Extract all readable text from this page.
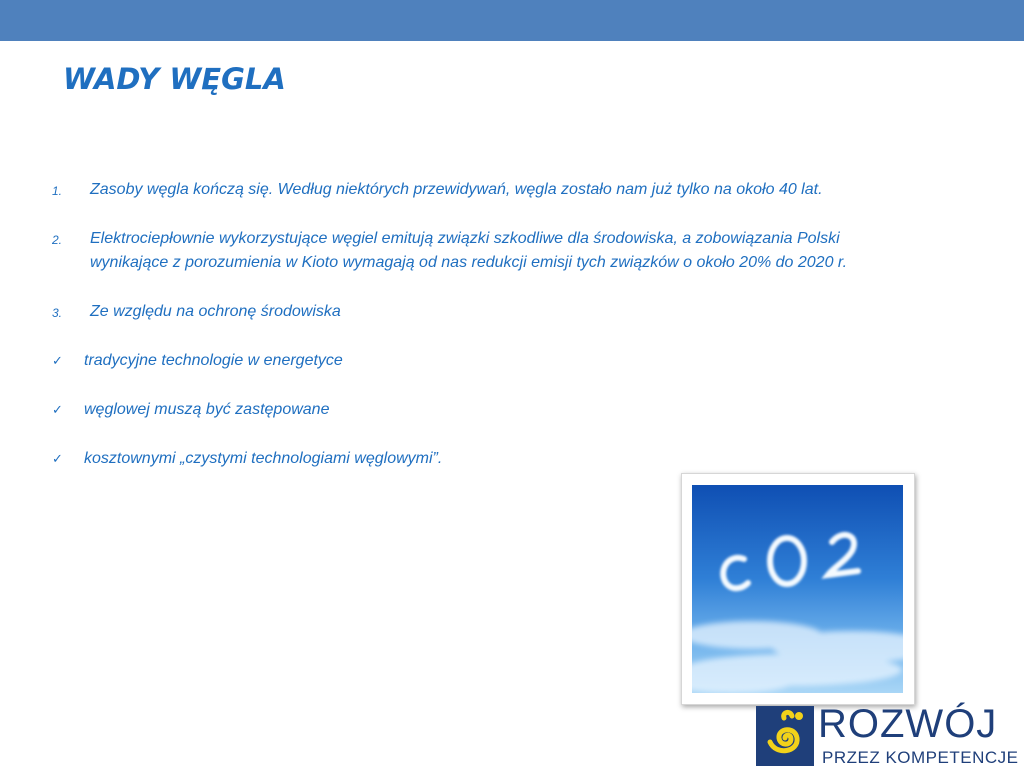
WADY WĘGLA
1. Zasoby węgla kończą się. Według niektórych przewidywań, węgla zostało nam już tylko na około 40 lat.
2. Elektrociepłownie wykorzystujące węgiel emitują związki szkodliwe dla środowiska, a zobowiązania Polski
wynikające z porozumienia w Kioto wymagają od nas redukcji emisji tych związków o około 20% do 2020 r.
3. Ze względu na ochronę środowiska
✓ tradycyjne technologie w energetyce
✓ węglowej muszą być zastępowane
✓ kosztownymi „czystymi technologiami węglowymi”.
ROZWÓJ
PRZEZ KOMPETENCJE
